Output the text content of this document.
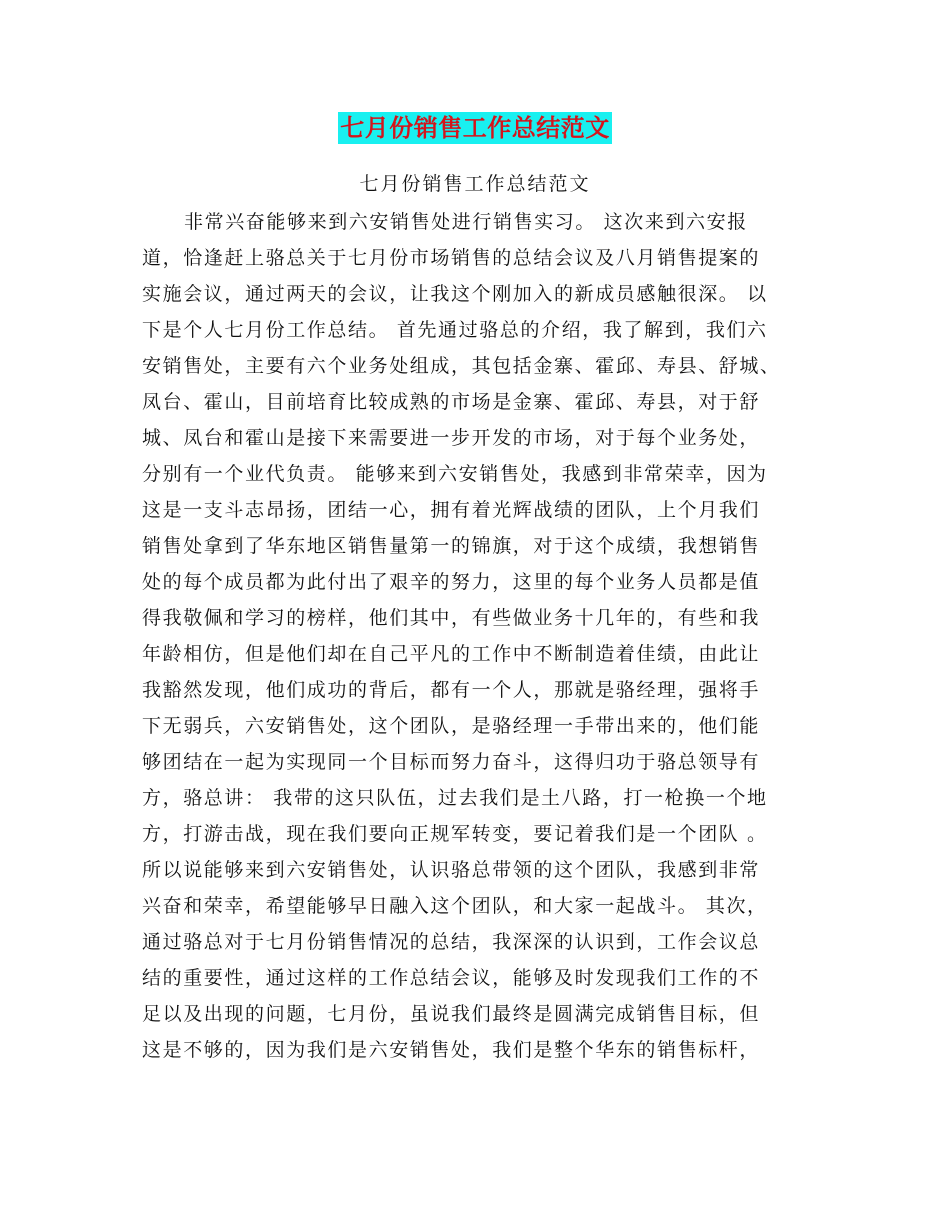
七月份销售工作总结范文
七月份销售工作总结范文
非常兴奋能够来到六安销售处进行销售实习。 这次来到六安报
道，恰逢赶上骆总关于七月份市场销售的总结会议及八月销售提案的
实施会议，通过两天的会议，让我这个刚加入的新成员感触很深。 以
下是个人七月份工作总结。 首先通过骆总的介绍，我了解到，我们六
安销售处，主要有六个业务处组成，其包括金寨、霍邱、寿县、舒城、
凤台、霍山，目前培育比较成熟的市场是金寨、霍邱、寿县，对于舒
城、凤台和霍山是接下来需要进一步开发的市场，对于每个业务处，
分别有一个业代负责。 能够来到六安销售处，我感到非常荣幸，因为
这是一支斗志昂扬，团结一心，拥有着光辉战绩的团队，上个月我们
销售处拿到了华东地区销售量第一的锦旗，对于这个成绩，我想销售
处的每个成员都为此付出了艰辛的努力，这里的每个业务人员都是值
得我敬佩和学习的榜样，他们其中，有些做业务十几年的，有些和我
年龄相仿，但是他们却在自己平凡的工作中不断制造着佳绩，由此让
我豁然发现，他们成功的背后，都有一个人，那就是骆经理，强将手
下无弱兵，六安销售处，这个团队，是骆经理一手带出来的，他们能
够团结在一起为实现同一个目标而努力奋斗，这得归功于骆总领导有
方，骆总讲： 我带的这只队伍，过去我们是土八路，打一枪换一个地
方，打游击战，现在我们要向正规军转变，要记着我们是一个团队 。
所以说能够来到六安销售处，认识骆总带领的这个团队，我感到非常
兴奋和荣幸，希望能够早日融入这个团队，和大家一起战斗。 其次，
通过骆总对于七月份销售情况的总结，我深深的认识到，工作会议总
结的重要性，通过这样的工作总结会议，能够及时发现我们工作的不
足以及出现的问题，七月份，虽说我们最终是圆满完成销售目标，但
这是不够的，因为我们是六安销售处，我们是整个华东的销售标杆，
